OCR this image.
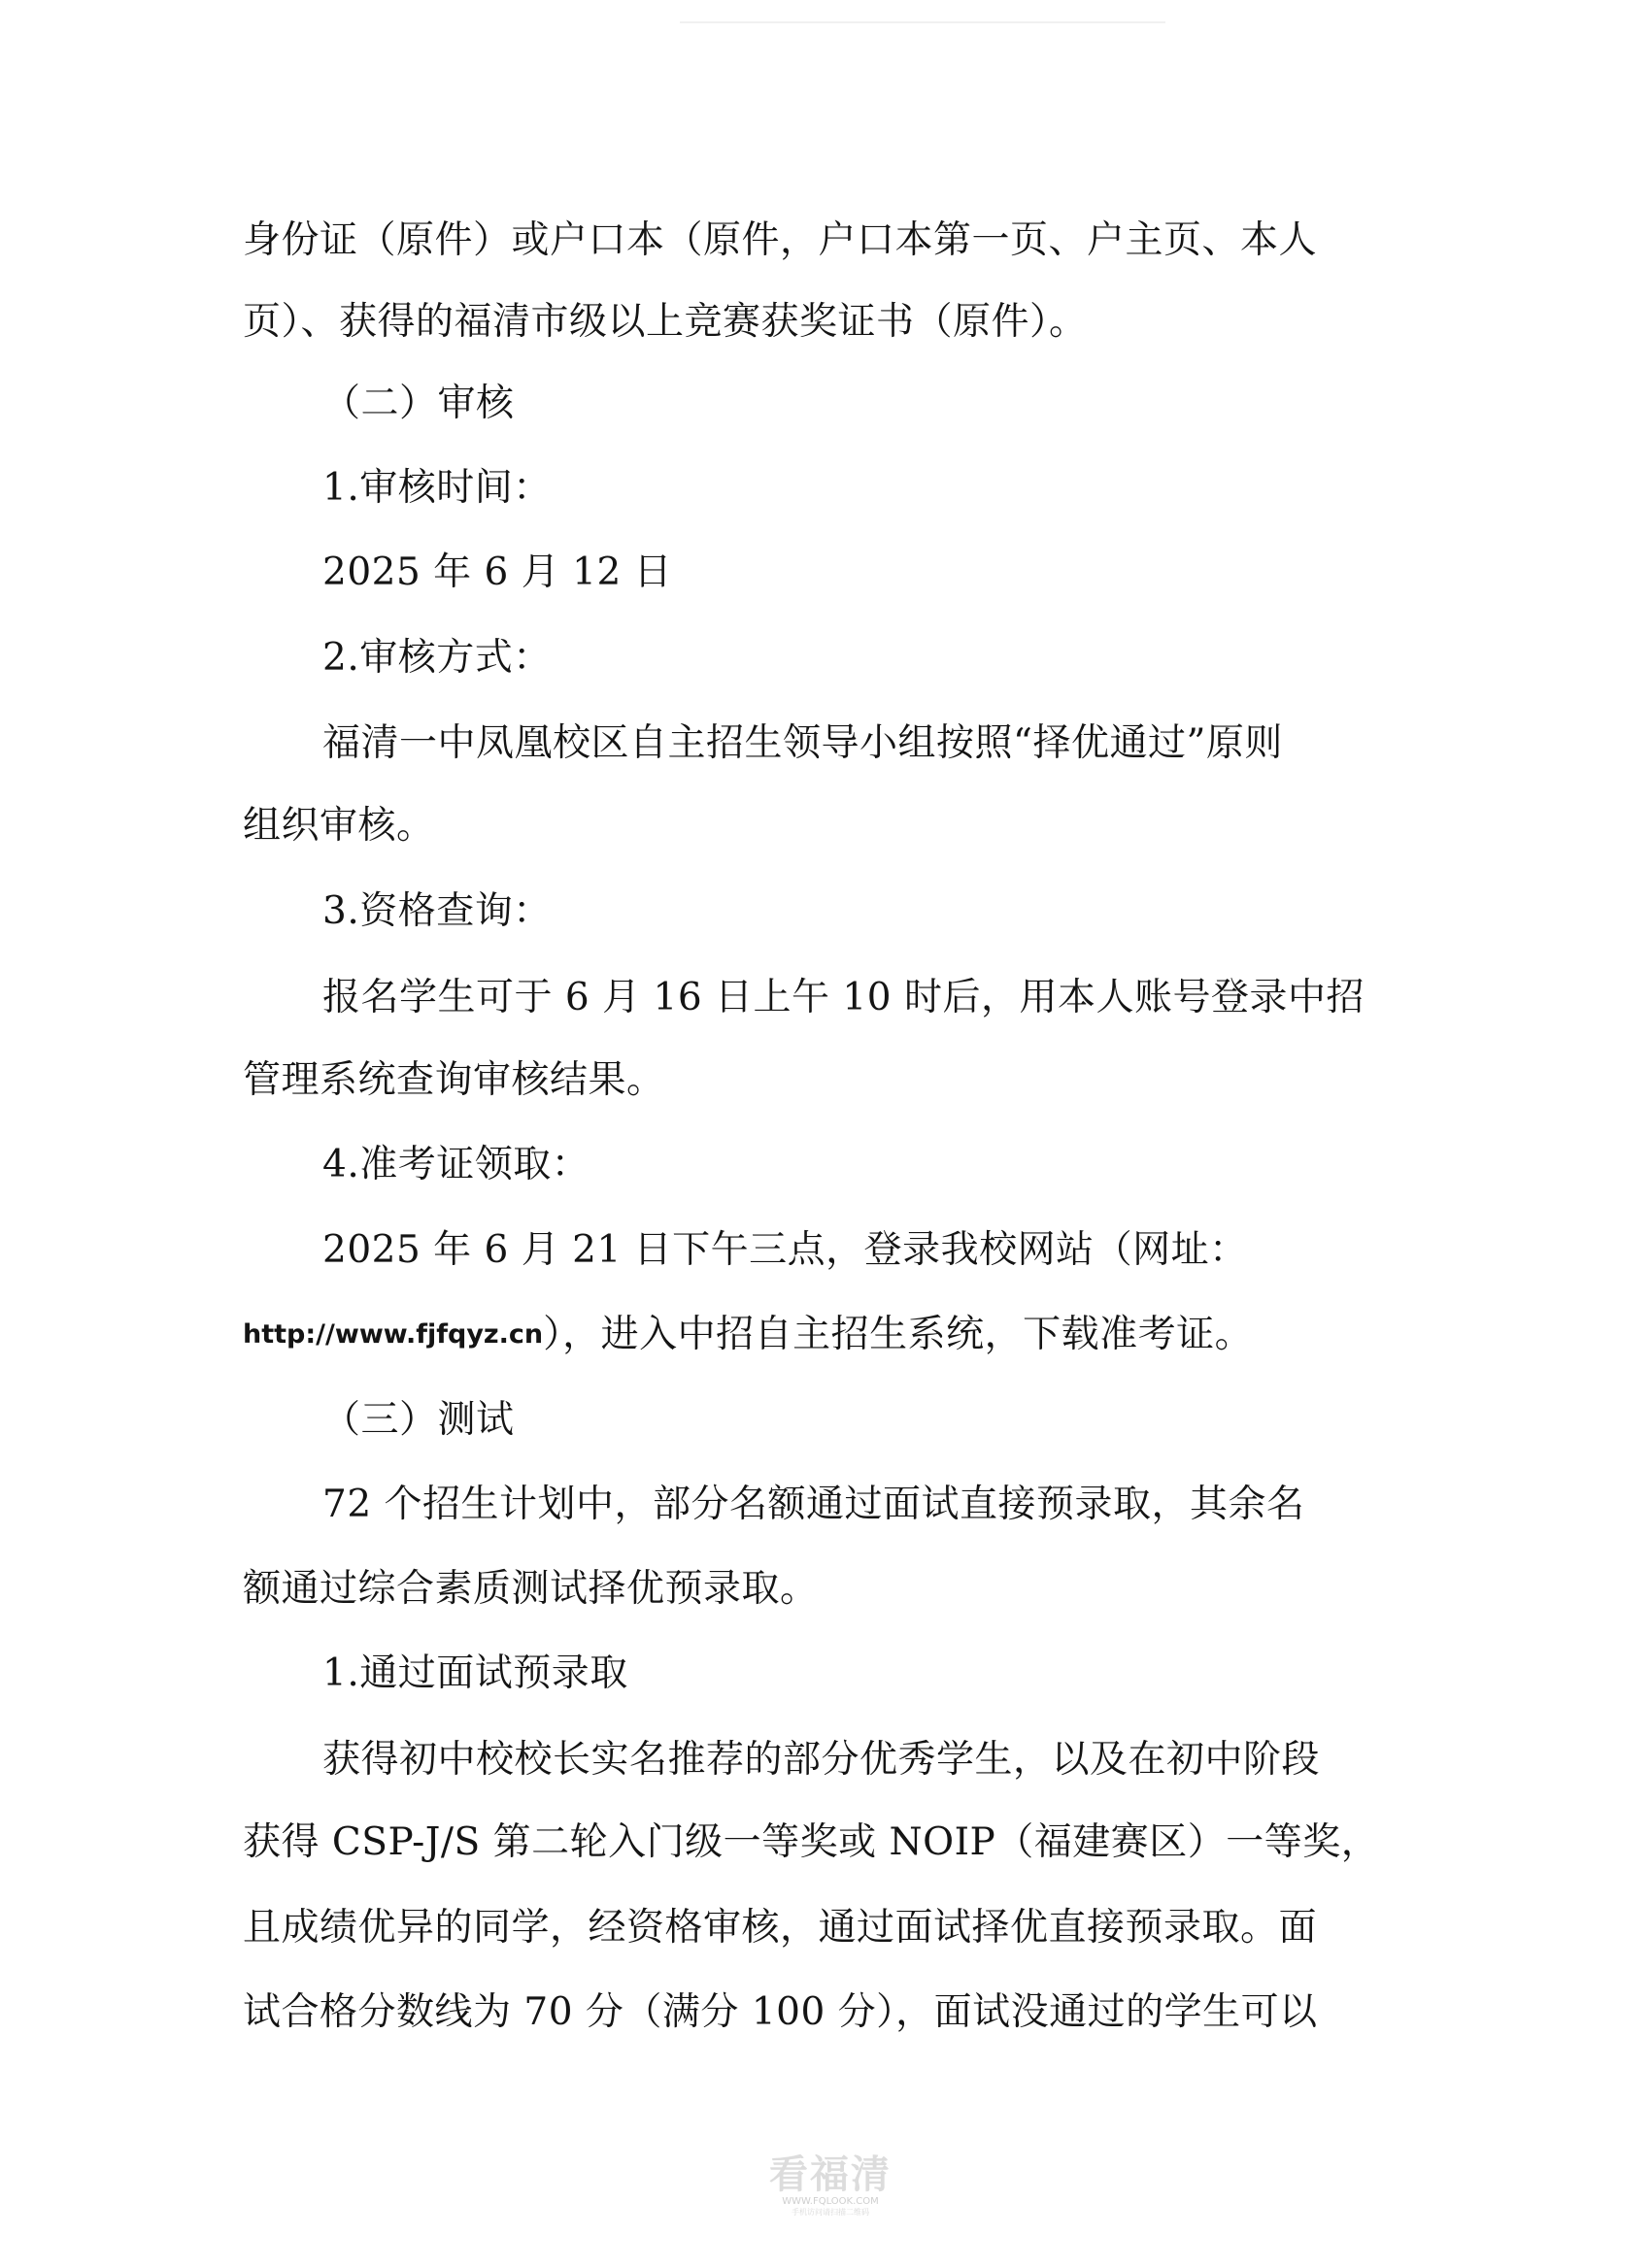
身份证（原件）或户口本（原件，户口本第一页、户主页、本人
页）、获得的福清市级以上竞赛获奖证书（原件）。
（二）审核
1.审核时间：
2025 年 6 月 12 日
2.审核方式：
福清一中凤凰校区自主招生领导小组按照“择优通过”原则
组织审核。
3.资格查询：
报名学生可于 6 月 16 日上午 10 时后，用本人账号登录中招
管理系统查询审核结果。
4.准考证领取：
2025 年 6 月 21 日下午三点，登录我校网站（网址：
http://www.fjfqyz.cn），进入中招自主招生系统，下载准考证。
（三）测试
72 个招生计划中，部分名额通过面试直接预录取，其余名
额通过综合素质测试择优预录取。
1.通过面试预录取
获得初中校校长实名推荐的部分优秀学生，以及在初中阶段
获得 CSP-J/S 第二轮入门级一等奖或 NOIP（福建赛区）一等奖，
且成绩优异的同学，经资格审核，通过面试择优直接预录取。面
试合格分数线为 70 分（满分 100 分），面试没通过的学生可以
看福清
WWW.FQLOOK.COM
手机访问请扫描二维码
